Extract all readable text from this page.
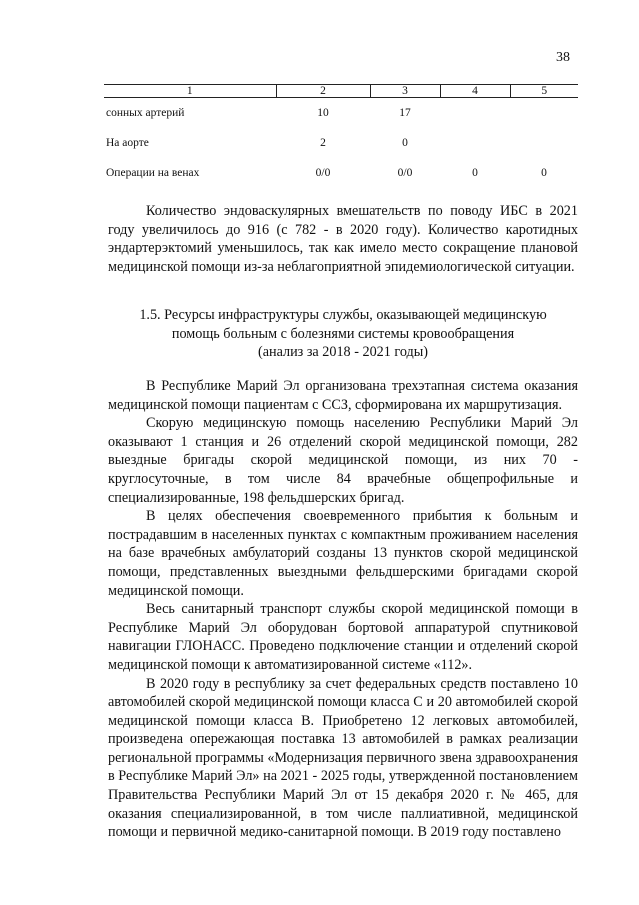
38
1	2	3	4	5
сонных артерий	10	17		
На аорте	2	0		
Операции на венах	0/0	0/0	0	0

Количество эндоваскулярных вмешательств по поводу ИБС в 2021 году увеличилось до 916 (с 782 - в 2020 году). Количество каротидных эндартерэктомий уменьшилось, так как имело место сокращение плановой медицинской помощи из-за неблагоприятной эпидемиологической ситуации.

1.5. Ресурсы инфраструктуры службы, оказывающей медицинскую
помощь больным с болезнями системы кровообращения
(анализ за 2018 - 2021 годы)

В Республике Марий Эл организована трехэтапная система оказания медицинской помощи пациентам с ССЗ, сформирована их маршрутизация.

Скорую медицинскую помощь населению Республики Марий Эл оказывают 1 станция и 26 отделений скорой медицинской помощи, 282 выездные бригады скорой медицинской помощи, из них 70 - круглосуточные, в том числе 84 врачебные общепрофильные и специализированные, 198 фельдшерских бригад.

В целях обеспечения своевременного прибытия к больным и пострадавшим в населенных пунктах с компактным проживанием населения на базе врачебных амбулаторий созданы 13 пунктов скорой медицинской помощи, представленных выездными фельдшерскими бригадами скорой медицинской помощи.

Весь санитарный транспорт службы скорой медицинской помощи в Республике Марий Эл оборудован бортовой аппаратурой спутниковой навигации ГЛОНАСС. Проведено подключение станции и отделений скорой медицинской помощи к автоматизированной системе «112».

В 2020 году в республику за счет федеральных средств поставлено 10 автомобилей скорой медицинской помощи класса С и 20 автомобилей скорой медицинской помощи класса В. Приобретено 12 легковых автомобилей, произведена опережающая поставка 13 автомобилей в рамках реализации региональной программы «Модернизация первичного звена здравоохранения в Республике Марий Эл» на 2021 - 2025 годы, утвержденной постановлением Правительства Республики Марий Эл от 15 декабря 2020 г. № 465, для оказания специализированной, в том числе паллиативной, медицинской помощи и первичной медико-санитарной помощи. В 2019 году поставлено
